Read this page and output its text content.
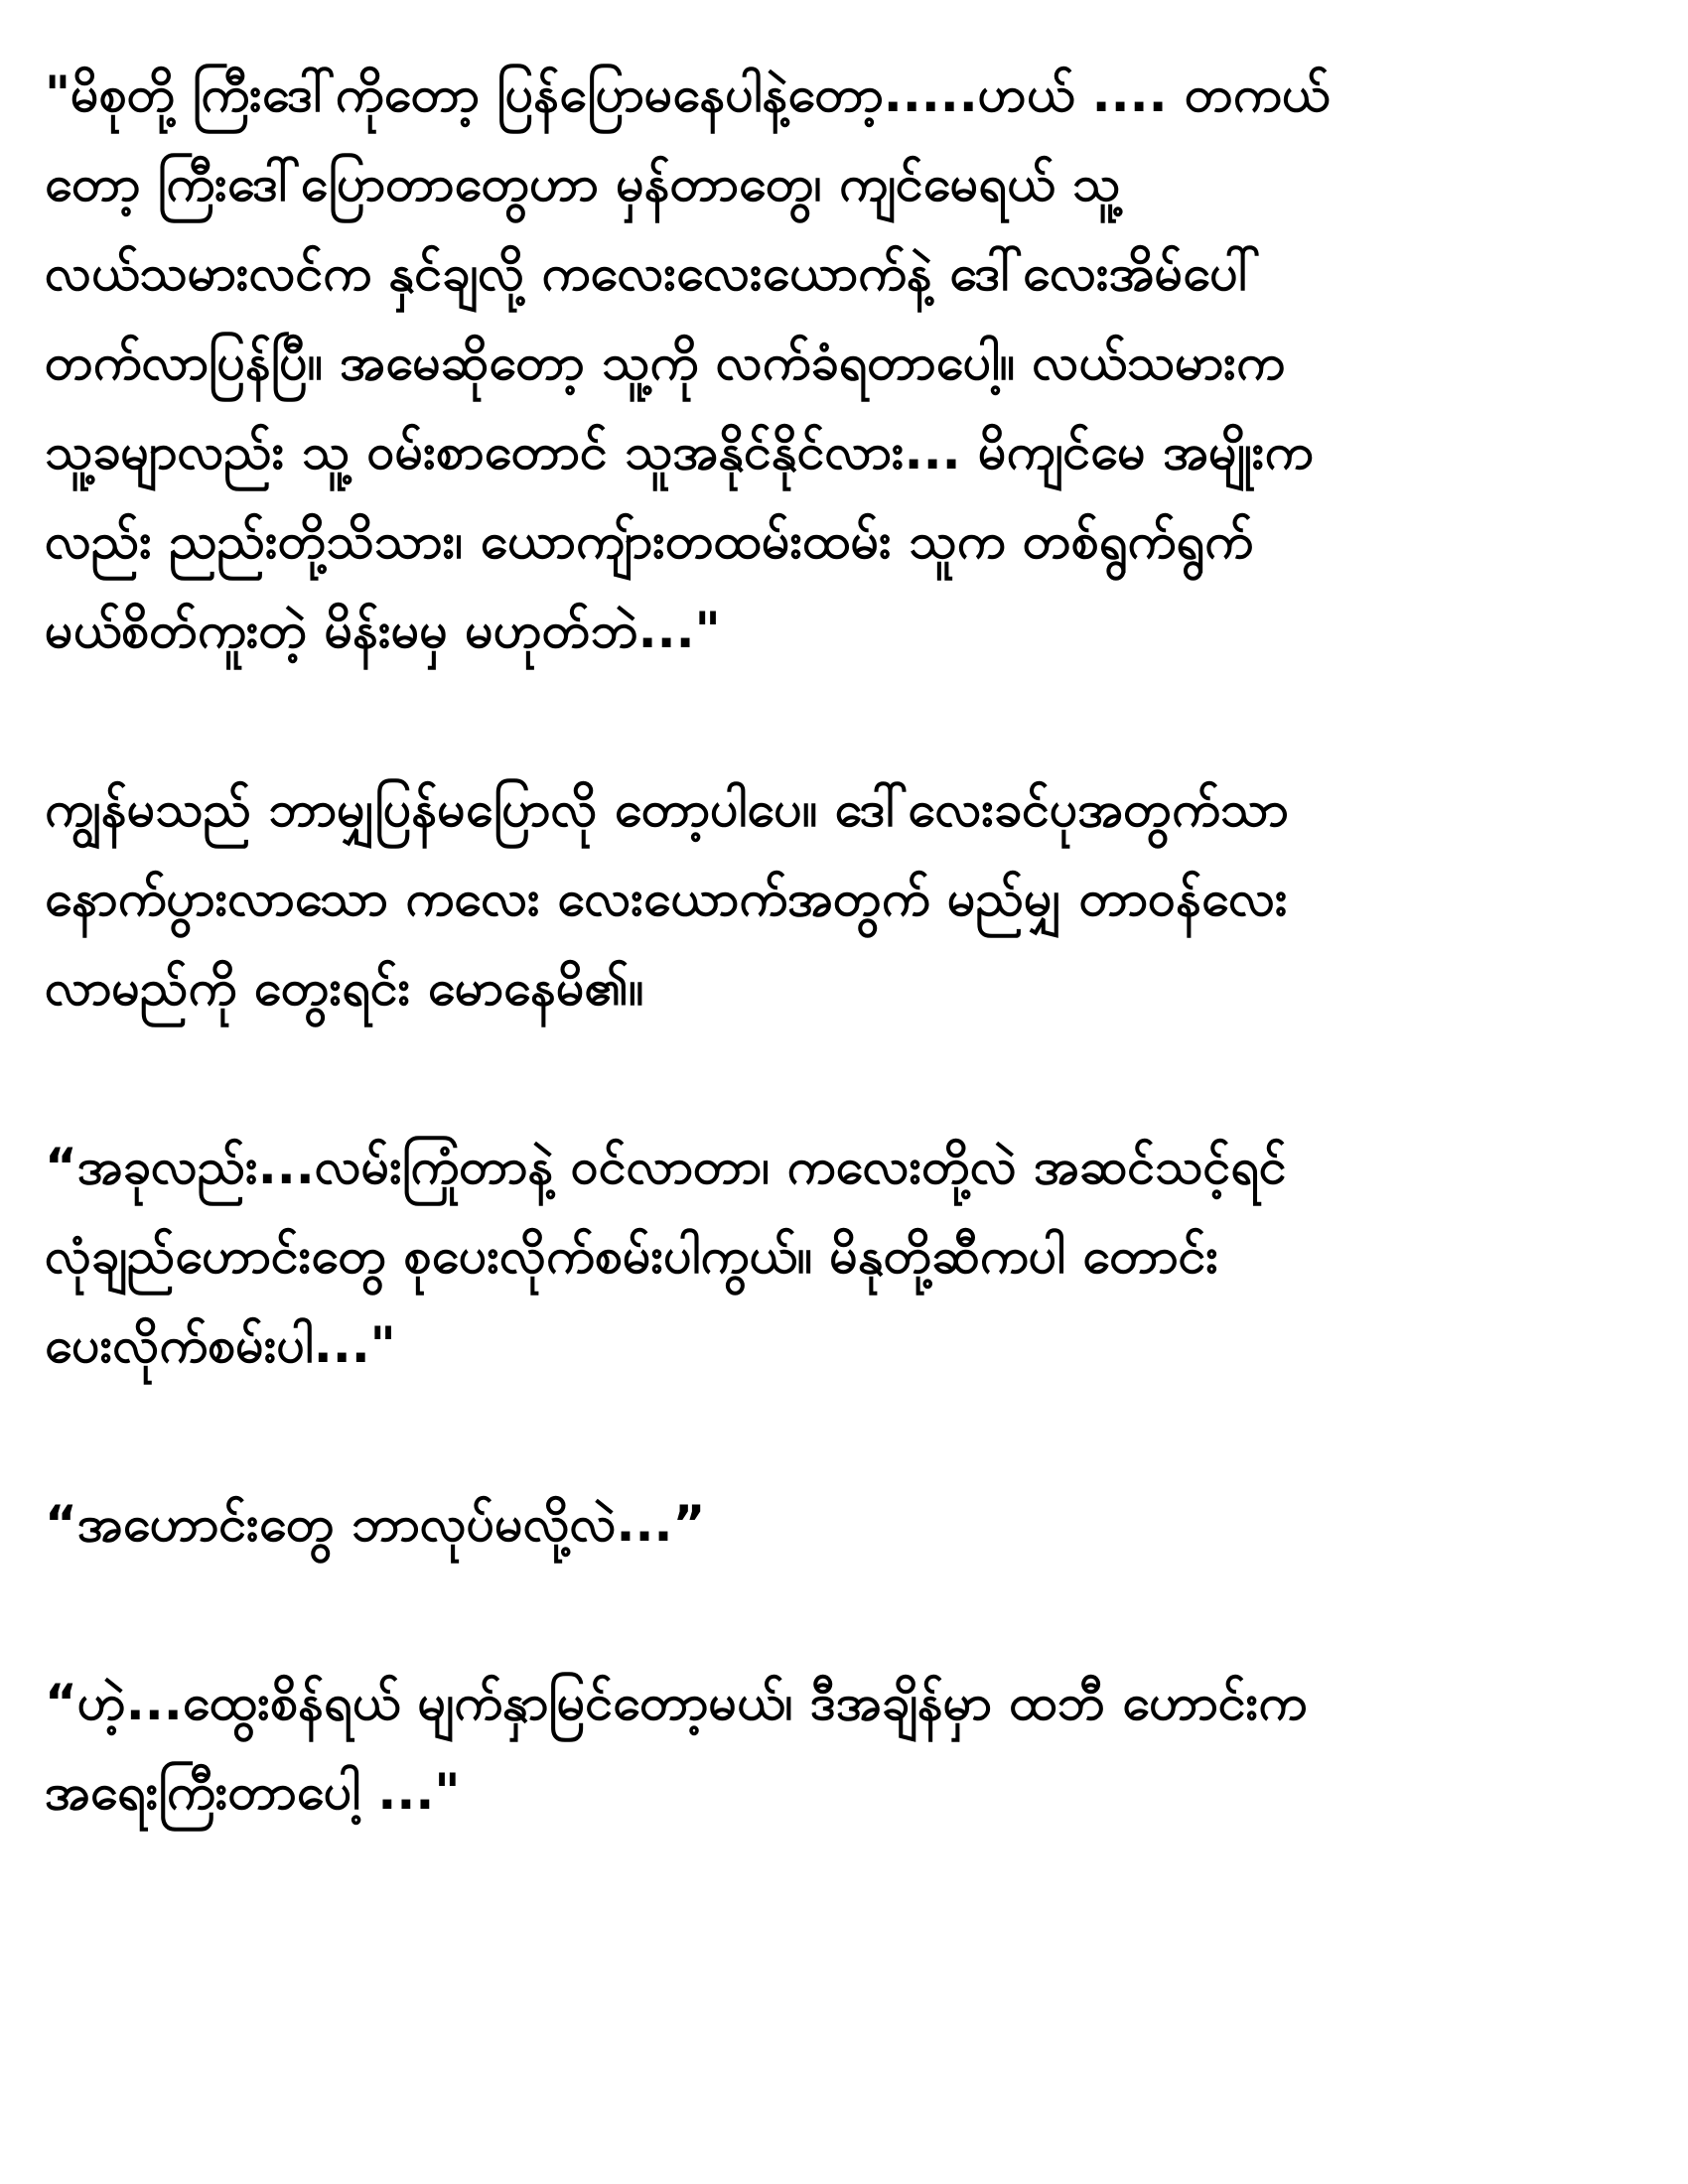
"မိစုတို့ ကြီးဒေါ်ကိုတော့ ပြန်ပြောမနေပါနဲ့တော့.....ဟယ် .... တကယ်
တော့ ကြီးဒေါ်ပြောတာတွေဟာ မှန်တာတွေ၊ ကျင်မေရယ် သူ့
လယ်သမားလင်က နှင်ချလို့ ကလေးလေးယောက်နဲ့ ဒေါ်လေးအိမ်ပေါ်
တက်လာပြန်ပြီ။ အမေဆိုတော့ သူ့ကို လက်ခံရတာပေါ့။ လယ်သမားက
သူ့ခမျာလည်း သူ့ ဝမ်းစာတောင် သူအနိုင်နိုင်လား... မိကျင်မေ အမျိုးက
လည်း ညည်းတို့သိသား၊ ယောကျ်ားတထမ်းထမ်း သူက တစ်ရွက်ရွက်
မယ်စိတ်ကူးတဲ့ မိန်းမမှ မဟုတ်ဘဲ..."
ကျွန်မသည် ဘာမျှပြန်မပြောလို တော့ပါပေ။ ဒေါ်လေးခင်ပုအတွက်သာ
နောက်ပွားလာသော ကလေး လေးယောက်အတွက် မည်မျှ တာဝန်လေး
လာမည်ကို တွေးရင်း မောနေမိ၏။
“အခုလည်း...လမ်းကြုံတာနဲ့ ဝင်လာတာ၊ ကလေးတို့လဲ အဆင်သင့်ရင်
လုံချည်ဟောင်းတွေ စုပေးလိုက်စမ်းပါကွယ်။ မိနုတို့ဆီကပါ တောင်း
ပေးလိုက်စမ်းပါ..."
“အဟောင်းတွေ ဘာလုပ်မလို့လဲ...”
“ဟဲ့...ထွေးစိန်ရယ် မျက်နှာမြင်တော့မယ်၊ ဒီအချိန်မှာ ထဘီ ဟောင်းက
အရေးကြီးတာပေါ့ ..."
